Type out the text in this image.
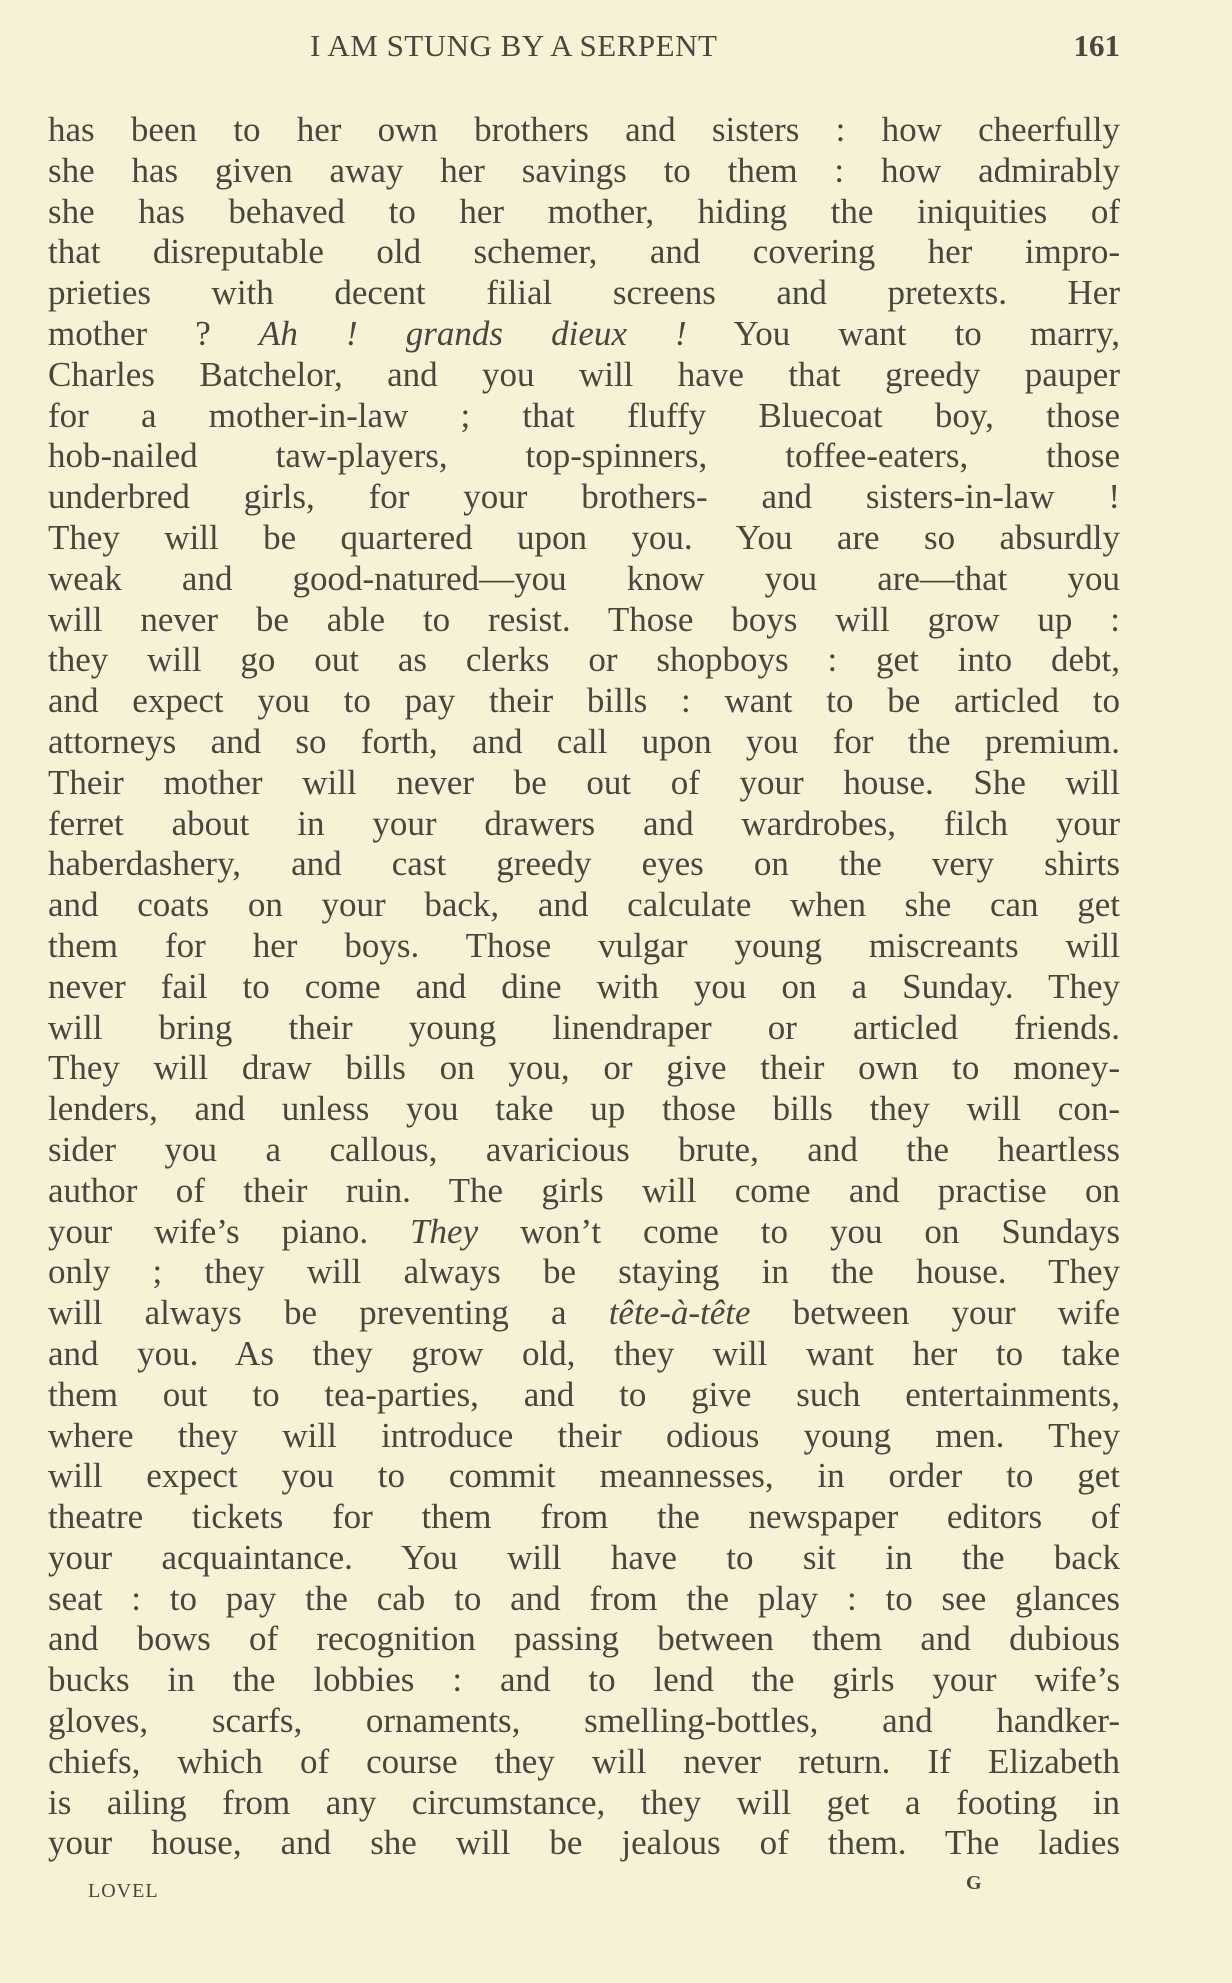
I AM STUNG BY A SERPENT	161
has been to her own brothers and sisters : how cheerfully
she has given away her savings to them : how admirably
she has behaved to her mother, hiding the iniquities of
that disreputable old schemer, and covering her impro-
prieties with decent filial screens and pretexts. Her
mother ? Ah ! grands dieux ! You want to marry,
Charles Batchelor, and you will have that greedy pauper
for a mother-in-law ; that fluffy Bluecoat boy, those
hob-nailed taw-players, top-spinners, toffee-eaters, those
underbred girls, for your brothers- and sisters-in-law !
They will be quartered upon you. You are so absurdly
weak and good-natured—you know you are—that you
will never be able to resist. Those boys will grow up :
they will go out as clerks or shopboys : get into debt,
and expect you to pay their bills : want to be articled to
attorneys and so forth, and call upon you for the premium.
Their mother will never be out of your house. She will
ferret about in your drawers and wardrobes, filch your
haberdashery, and cast greedy eyes on the very shirts
and coats on your back, and calculate when she can get
them for her boys. Those vulgar young miscreants will
never fail to come and dine with you on a Sunday. They
will bring their young linendraper or articled friends.
They will draw bills on you, or give their own to money-
lenders, and unless you take up those bills they will con-
sider you a callous, avaricious brute, and the heartless
author of their ruin. The girls will come and practise on
your wife’s piano. They won’t come to you on Sundays
only ; they will always be staying in the house. They
will always be preventing a tête-à-tête between your wife
and you. As they grow old, they will want her to take
them out to tea-parties, and to give such entertainments,
where they will introduce their odious young men. They
will expect you to commit meannesses, in order to get
theatre tickets for them from the newspaper editors of
your acquaintance. You will have to sit in the back
seat : to pay the cab to and from the play : to see glances
and bows of recognition passing between them and dubious
bucks in the lobbies : and to lend the girls your wife’s
gloves, scarfs, ornaments, smelling-bottles, and handker-
chiefs, which of course they will never return. If Elizabeth
is ailing from any circumstance, they will get a footing in
your house, and she will be jealous of them. The ladies
LOVEL	G
